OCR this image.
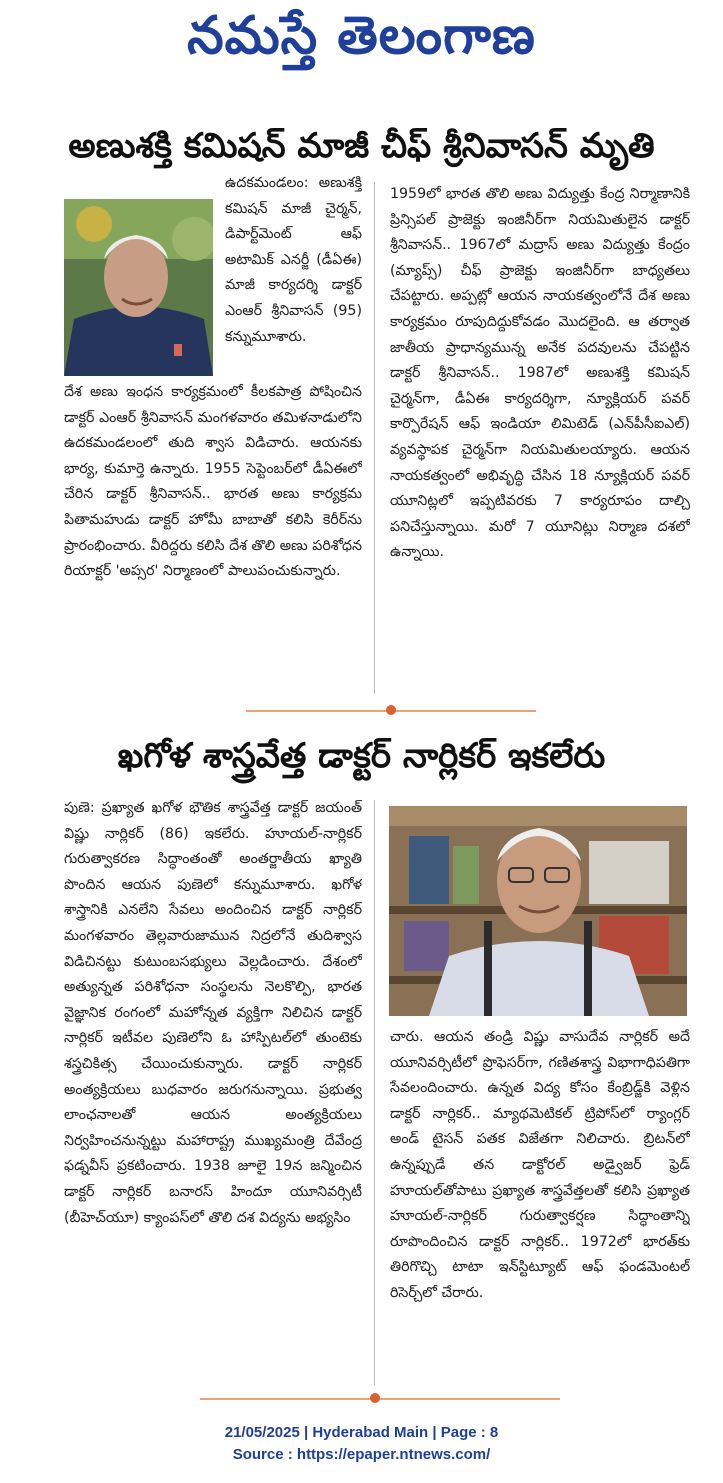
నమస్తే తెలంగాణ
అణుశక్తి కమిషన్ మాజీ చీఫ్ శ్రీనివాసన్ మృతి

ఉదకమండలం: అణుశక్తి కమిషన్ మాజీ చైర్మన్, డిపార్ట్‌మెంట్ ఆఫ్ అటామిక్ ఎనర్జీ (డీఏఈ) మాజీ కార్యదర్శి డాక్టర్ ఎంఆర్ శ్రీనివాసన్ (95) కన్నుమూశారు.

దేశ అణు ఇంధన కార్యక్రమంలో కీలకపాత్ర పోషించిన డాక్టర్ ఎంఆర్ శ్రీనివాసన్ మంగళవారం తమిళనాడులోని ఉదకమండలంలో తుది శ్వాస విడిచారు. ఆయనకు భార్య, కుమార్తె ఉన్నారు. 1955 సెప్టెంబర్‌లో డీఏఈలో చేరిన డాక్టర్ శ్రీనివాసన్.. భారత అణు కార్యక్రమ పితామహుడు డాక్టర్ హోమీ బాబాతో కలిసి కెరీర్‌ను ప్రారంభించారు. వీరిద్దరు కలిసి దేశ తొలి అణు పరిశోధన రియాక్టర్ 'అప్సర' నిర్మాణంలో పాలుపంచుకున్నారు.

1959లో భారత తొలి అణు విద్యుత్తు కేంద్ర నిర్మాణానికి ప్రిన్సిపల్ ప్రాజెక్టు ఇంజినీర్‌గా నియమితులైన డాక్టర్ శ్రీనివాసన్.. 1967లో మద్రాస్ అణు విద్యుత్తు కేంద్రం (మ్యాప్స్) చీఫ్ ప్రాజెక్టు ఇంజినీర్‌గా బాధ్యతలు చేపట్టారు. అప్పట్లో ఆయన నాయకత్వంలోనే దేశ అణు కార్యక్రమం రూపుదిద్దుకోవడం మొదలైంది. ఆ తర్వాత జాతీయ ప్రాధాన్యమున్న అనేక పదవులను చేపట్టిన డాక్టర్ శ్రీనివాసన్.. 1987లో అణుశక్తి కమిషన్ చైర్మన్‌గా, డీఏఈ కార్యదర్శిగా, న్యూక్లియర్ పవర్ కార్పొరేషన్ ఆఫ్ ఇండియా లిమిటెడ్ (ఎన్‌పీసీఐఎల్) వ్యవస్థాపక చైర్మన్‌గా నియమితులయ్యారు. ఆయన నాయకత్వంలో అభివృద్ధి చేసిన 18 న్యూక్లియర్ పవర్ యూనిట్లలో ఇప్పటివరకు 7 కార్యరూపం దాల్చి పనిచేస్తున్నాయి. మరో 7 యూనిట్లు నిర్మాణ దశలో ఉన్నాయి.

ఖగోళ శాస్త్రవేత్త డాక్టర్ నార్లికర్ ఇకలేరు

పుణె: ప్రఖ్యాత ఖగోళ భౌతిక శాస్త్రవేత్త డాక్టర్ జయంత్ విష్ణు నార్లికర్ (86) ఇకలేరు. హూయల్-నార్లికర్ గురుత్వాకరణ సిద్ధాంతంతో అంతర్జాతీయ ఖ్యాతి పొందిన ఆయన పుణెలో కన్నుమూశారు. ఖగోళ శాస్త్రానికి ఎనలేని సేవలు అందించిన డాక్టర్ నార్లికర్ మంగళవారం తెల్లవారుజామున నిద్రలోనే తుదిశ్వాస విడిచినట్టు కుటుంబసభ్యులు వెల్లడించారు. దేశంలో అత్యున్నత పరిశోధనా సంస్థలను నెలకొల్పి, భారత వైజ్ఞానిక రంగంలో మహోన్నత వ్యక్తిగా నిలిచిన డాక్టర్ నార్లికర్ ఇటీవల పుణెలోని ఓ హాస్పిటల్‌లో తుంటెకు శస్త్రచికిత్స చేయించుకున్నారు. డాక్టర్ నార్లికర్ అంత్యక్రియలు బుధవారం జరుగనున్నాయి. ప్రభుత్వ లాంఛనాలతో ఆయన అంత్యక్రియలు నిర్వహించనున్నట్టు మహారాష్ట్ర ముఖ్యమంత్రి దేవేంద్ర ఫడ్నవీస్ ప్రకటించారు. 1938 జూలై 19న జన్మించిన డాక్టర్ నార్లికర్ బనారస్ హిందూ యూనివర్సిటీ (బీహెచ్‌యూ) క్యాంపస్‌లో తొలి దశ విద్యను అభ్యసిం

చారు. ఆయన తండ్రి విష్ణు వాసుదేవ నార్లికర్ అదే యూనివర్సిటీలో ప్రొఫెసర్‌గా, గణితశాస్త్ర విభాగాధిపతిగా సేవలందించారు. ఉన్నత విద్య కోసం కేంబ్రిడ్జ్‌కి వెళ్లిన డాక్టర్ నార్లికర్.. మ్యాథమెటికల్ ట్రిపోస్‌లో ర్యాంగ్లర్ అండ్ టైసన్ పతక విజేతగా నిలిచారు. బ్రిటన్‌లో ఉన్నప్పుడే తన డాక్టోరల్ అడ్వైజర్ ఫ్రెడ్ హూయల్‌తోపాటు ప్రఖ్యాత శాస్త్రవేత్తలతో కలిసి ప్రఖ్యాత హూయల్-నార్లికర్ గురుత్వాకర్షణ సిద్ధాంతాన్ని రూపొందించిన డాక్టర్ నార్లికర్.. 1972లో భారత్‌కు తిరిగొచ్చి టాటా ఇన్‌స్టిట్యూట్ ఆఫ్ ఫండమెంటల్ రిసెర్చ్‌లో చేరారు.

21/05/2025 | Hyderabad Main | Page : 8
Source : https://epaper.ntnews.com/
